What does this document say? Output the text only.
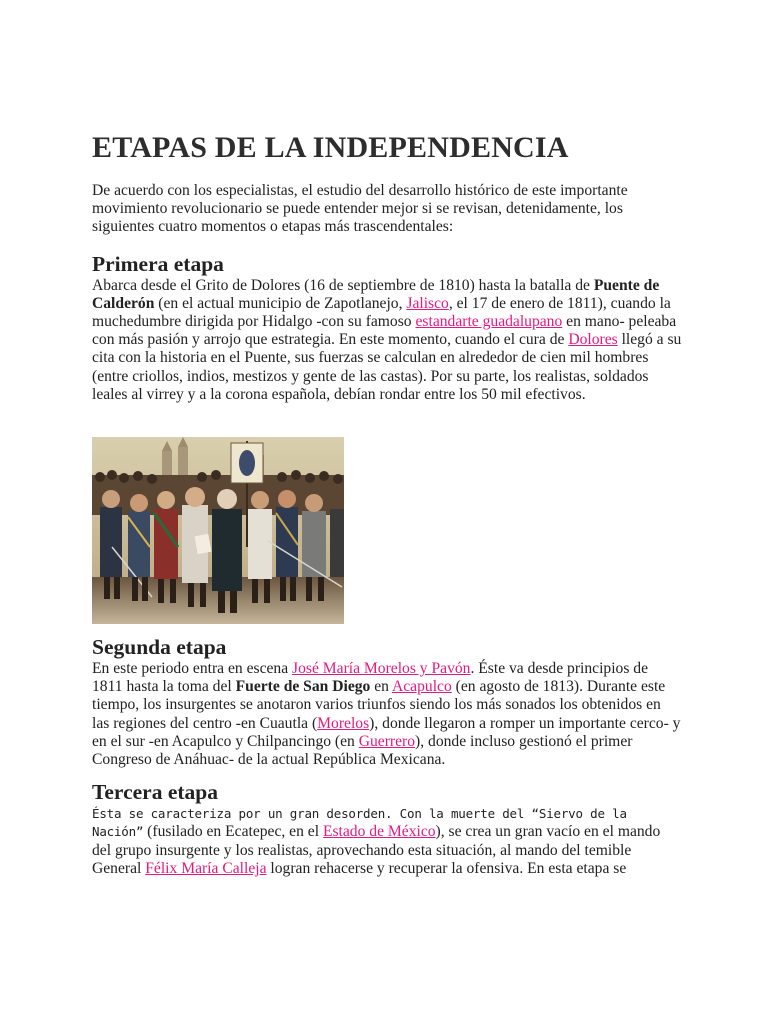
ETAPAS DE LA INDEPENDENCIA

De acuerdo con los especialistas, el estudio del desarrollo histórico de este importante movimiento revolucionario se puede entender mejor si se revisan, detenidamente, los siguientes cuatro momentos o etapas más trascendentales:

Primera etapa

Abarca desde el Grito de Dolores (16 de septiembre de 1810) hasta la batalla de Puente de Calderón (en el actual municipio de Zapotlanejo, Jalisco, el 17 de enero de 1811), cuando la muchedumbre dirigida por Hidalgo -con su famoso estandarte guadalupano en mano- peleaba con más pasión y arrojo que estrategia. En este momento, cuando el cura de Dolores llegó a su cita con la historia en el Puente, sus fuerzas se calculan en alrededor de cien mil hombres (entre criollos, indios, mestizos y gente de las castas). Por su parte, los realistas, soldados leales al virrey y a la corona española, debían rondar entre los 50 mil efectivos.

Segunda etapa

En este periodo entra en escena José María Morelos y Pavón. Éste va desde principios de 1811 hasta la toma del Fuerte de San Diego en Acapulco (en agosto de 1813). Durante este tiempo, los insurgentes se anotaron varios triunfos siendo los más sonados los obtenidos en las regiones del centro -en Cuautla (Morelos), donde llegaron a romper un importante cerco- y en el sur -en Acapulco y Chilpancingo (en Guerrero), donde incluso gestionó el primer Congreso de Anáhuac- de la actual República Mexicana.

Tercera etapa

Ésta se caracteriza por un gran desorden. Con la muerte del “Siervo de la Nación” (fusilado en Ecatepec, en el Estado de México), se crea un gran vacío en el mando del grupo insurgente y los realistas, aprovechando esta situación, al mando del temible General Félix María Calleja logran rehacerse y recuperar la ofensiva. En esta etapa se
